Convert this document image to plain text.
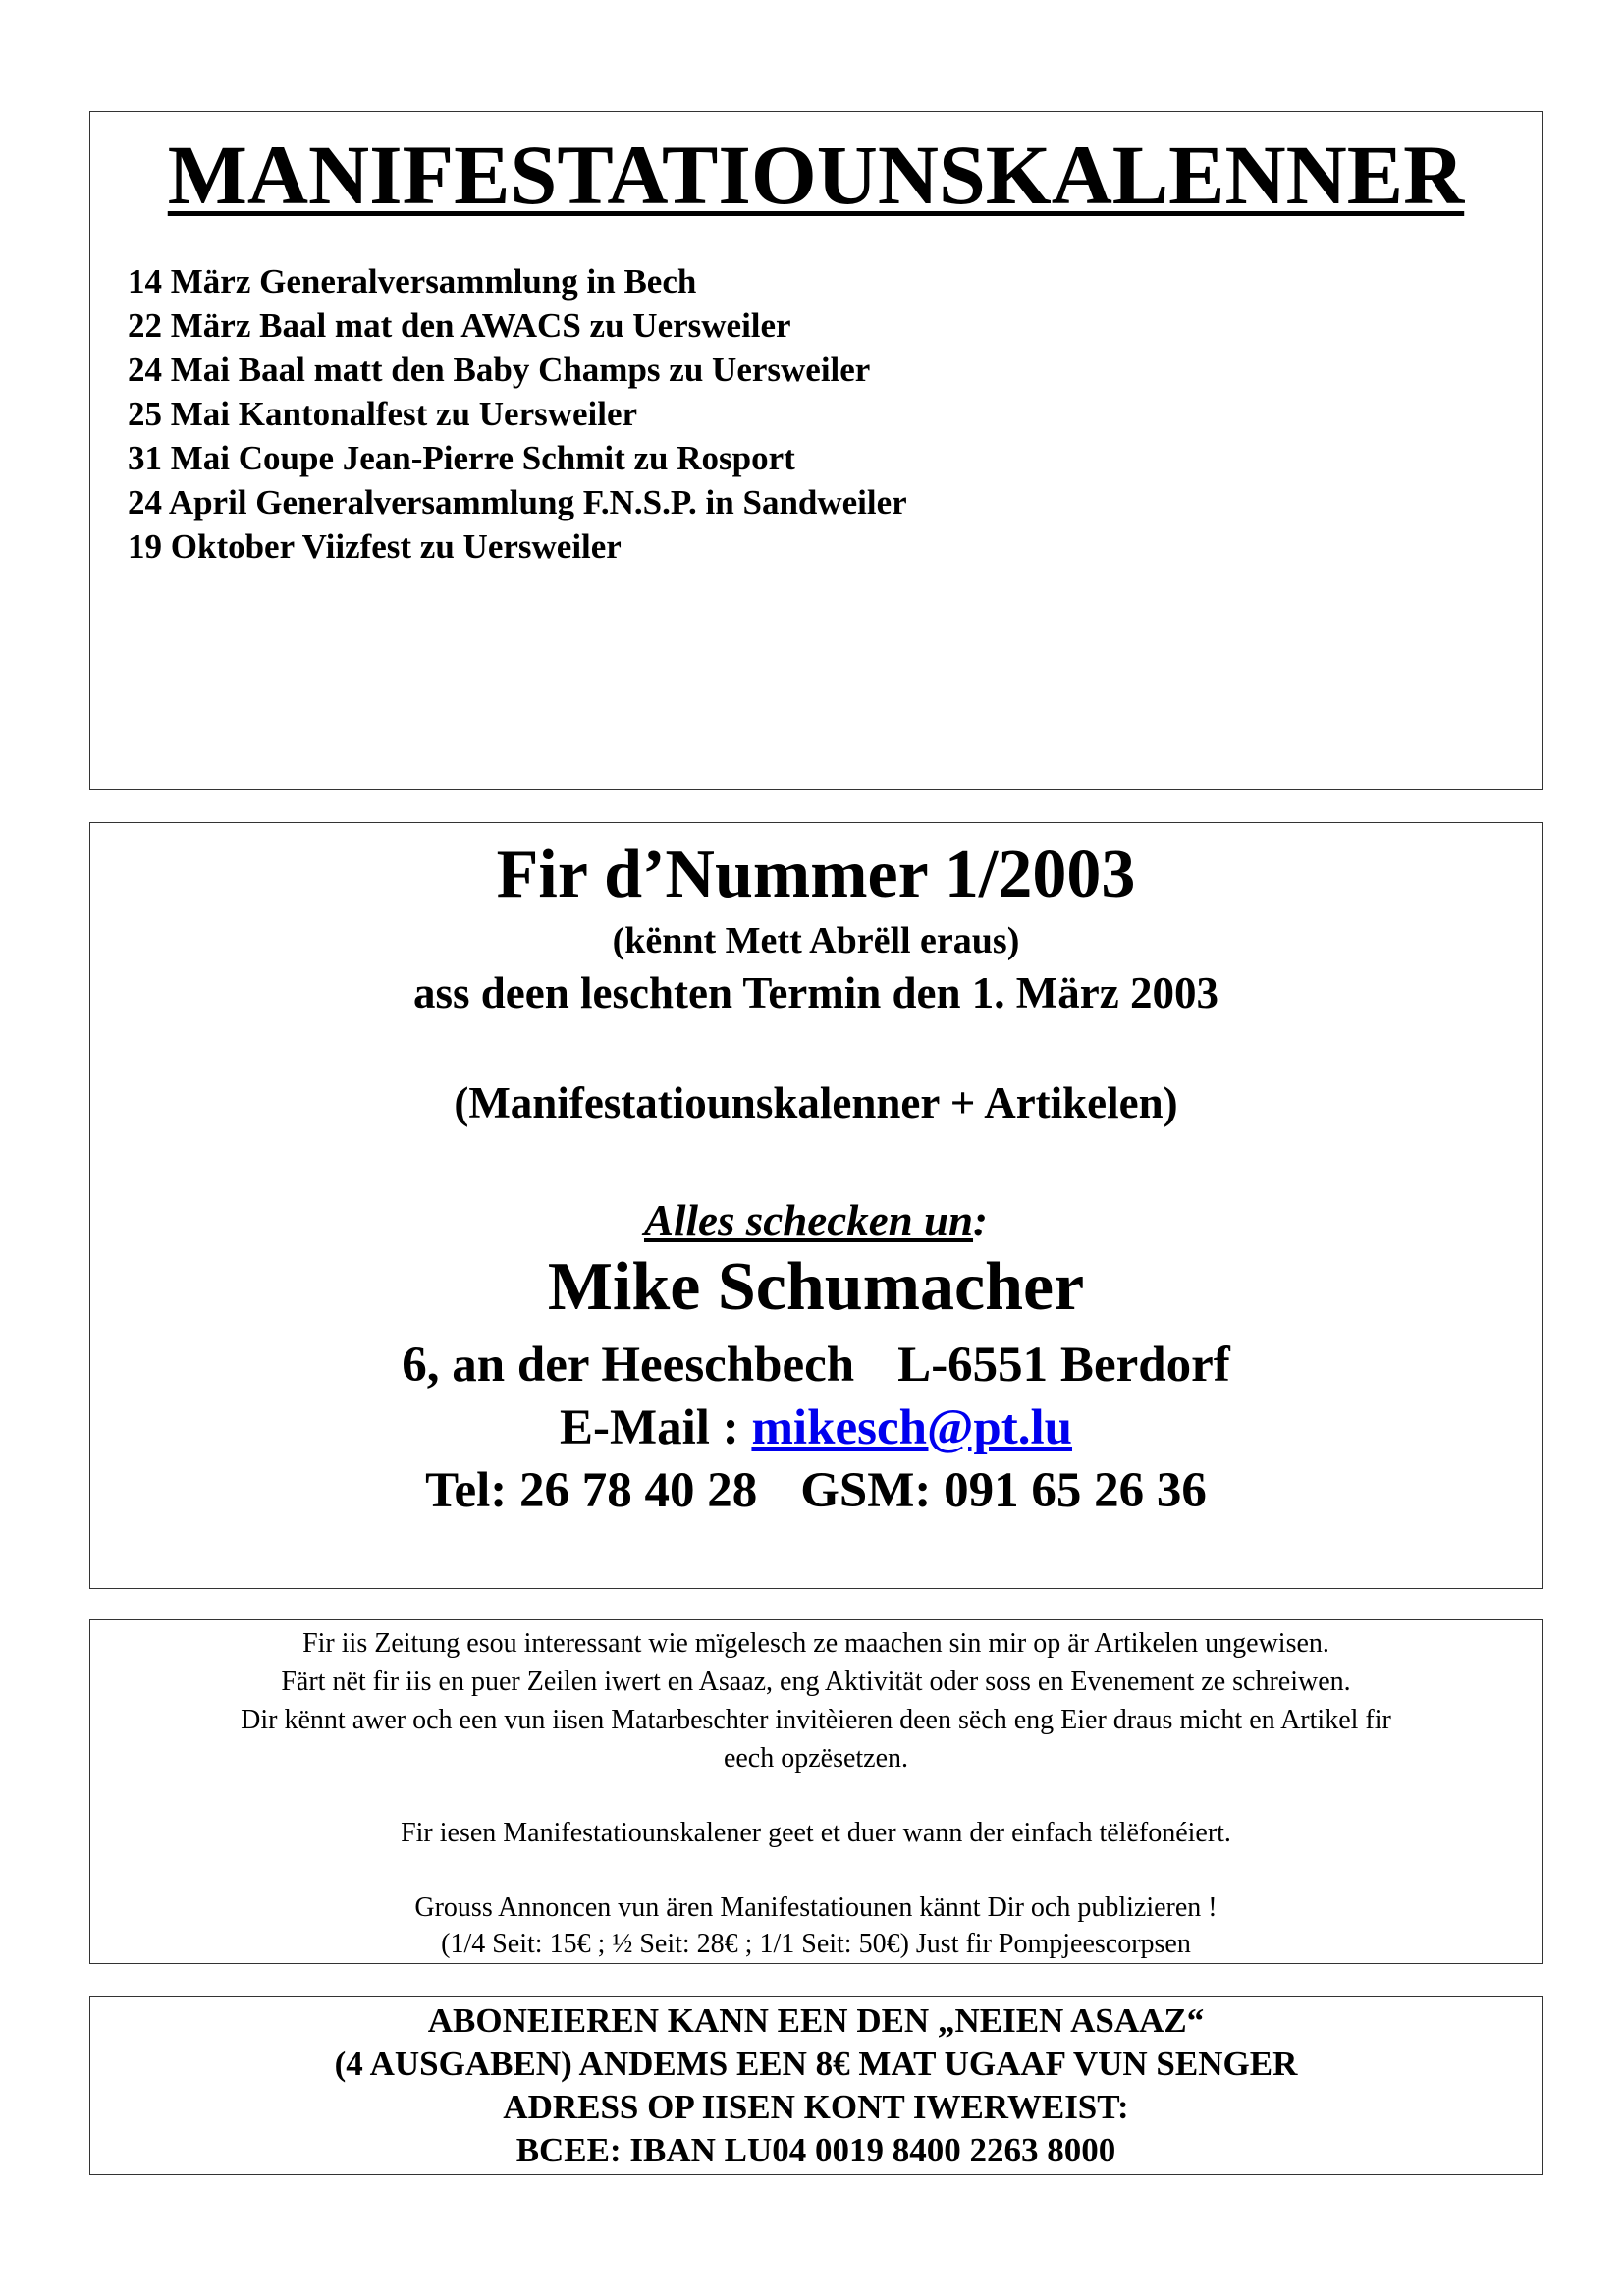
MANIFESTATIOUNSKALENNER
14 März Generalversammlung in Bech
22 März Baal mat den AWACS zu Uersweiler
24 Mai Baal matt den Baby Champs zu Uersweiler
25 Mai Kantonalfest zu Uersweiler
31 Mai Coupe Jean-Pierre Schmit zu Rosport
24 April Generalversammlung F.N.S.P. in Sandweiler
19 Oktober Viizfest zu Uersweiler
Fir d’Nummer 1/2003
(kënnt Mett Abrëll eraus)
ass deen leschten Termin den 1. März 2003
(Manifestatiounskalenner + Artikelen)
Alles schecken un:
Mike Schumacher
6, an der Heeschbech L-6551 Berdorf
E-Mail : mikesch@pt.lu
Tel: 26 78 40 28 GSM: 091 65 26 36
Fir iis Zeitung esou interessant wie mïgelesch ze maachen sin mir op är Artikelen ungewisen.
Färt nët fir iis en puer Zeilen iwert en Asaaz, eng Aktivität oder soss en Evenement ze schreiwen.
Dir kënnt awer och een vun iisen Matarbeschter invitèieren deen sëch eng Eier draus micht en Artikel fir
eech opzësetzen.
Fir iesen Manifestatiounskalener geet et duer wann der einfach tëlëfonéiert.
Grouss Annoncen vun ären Manifestatiounen kännt Dir och publizieren !
(1/4 Seit: 15€ ; ½ Seit: 28€ ; 1/1 Seit: 50€) Just fir Pompjeescorpsen
ABONEIEREN KANN EEN DEN „NEIEN ASAAZ“
(4 AUSGABEN) ANDEMS EEN 8€ MAT UGAAF VUN SENGER
ADRESS OP IISEN KONT IWERWEIST:
BCEE: IBAN LU04 0019 8400 2263 8000
